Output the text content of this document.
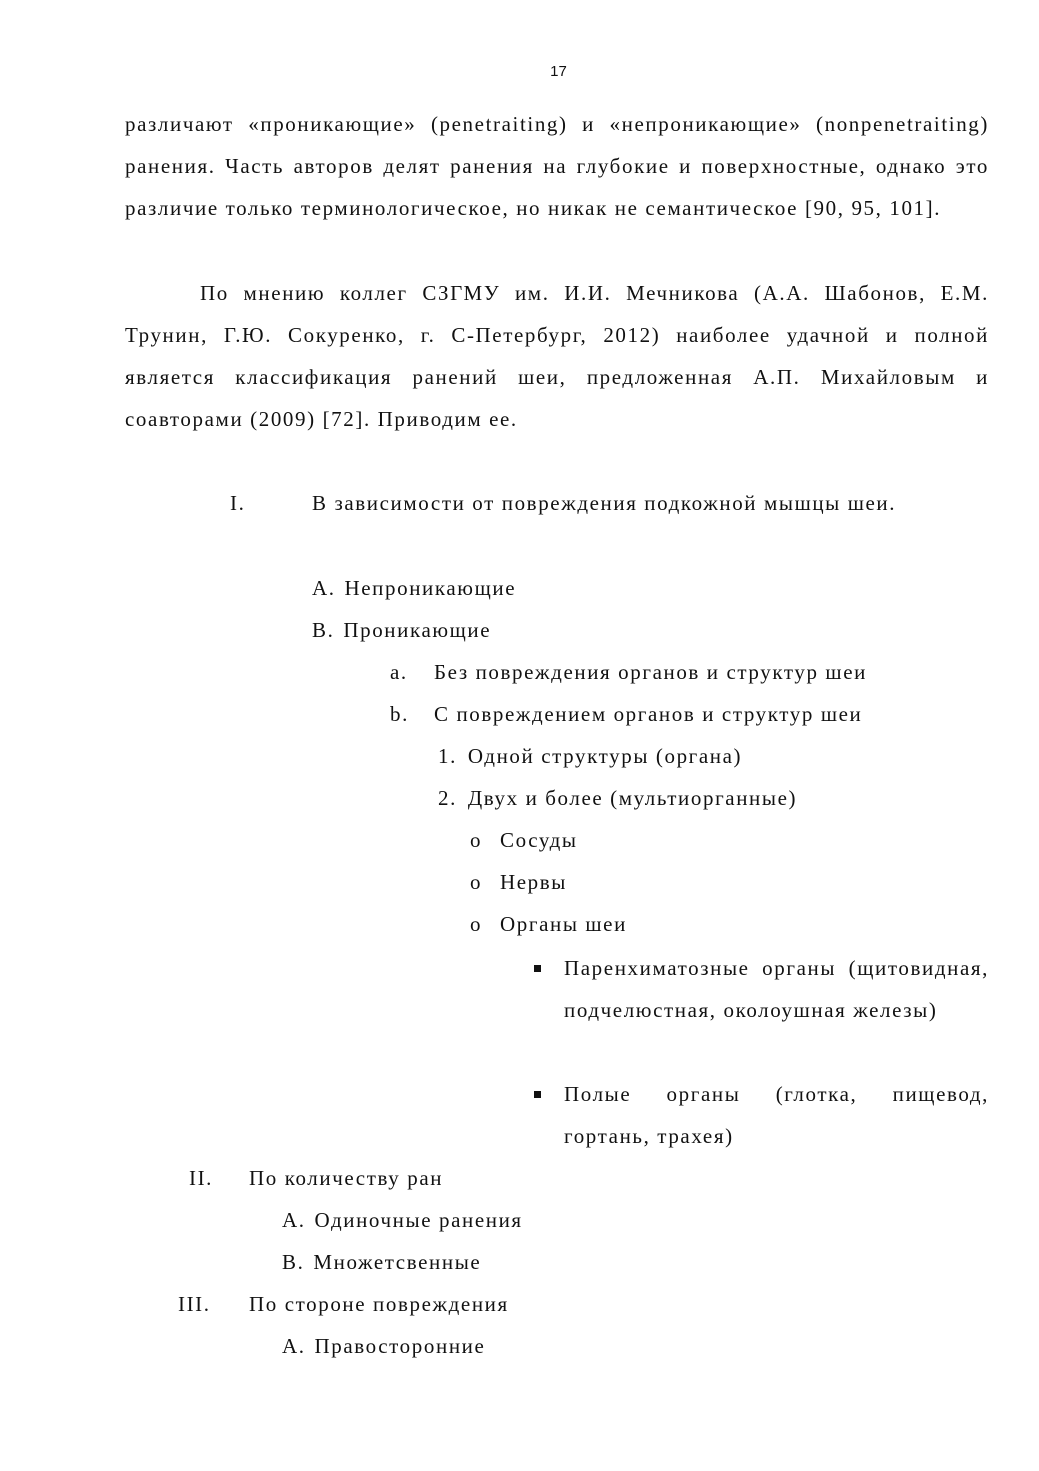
17

различают «проникающие» (penetraiting) и «непроникающие» (nonpenetraiting) ранения. Часть авторов делят ранения на глубокие и поверхностные, однако это различие только терминологическое, но никак не семантическое [90, 95, 101].

По мнению коллег СЗГМУ им. И.И. Мечникова (А.А. Шабонов, Е.М. Трунин, Г.Ю. Сокуренко, г. С-Петербург, 2012) наиболее удачной и полной является классификация ранений шеи, предложенная А.П. Михайловым и соавторами (2009) [72]. Приводим ее.

I.	В зависимости от повреждения подкожной мышцы шеи.
A. Непроникающие
B. Проникающие
a. Без повреждения органов и структур шеи
b. С повреждением органов и структур шеи
1. Одной структуры (органа)
2. Двух и более (мультиорганные)
o Сосуды
o Нервы
o Органы шеи
Паренхиматозные органы (щитовидная, подчелюстная, околоушная железы)
Полые органы (глотка, пищевод, гортань, трахея)
II. По количеству ран
A. Одиночные ранения
B. Множетсвенные
III. По стороне повреждения
A. Правосторонние
